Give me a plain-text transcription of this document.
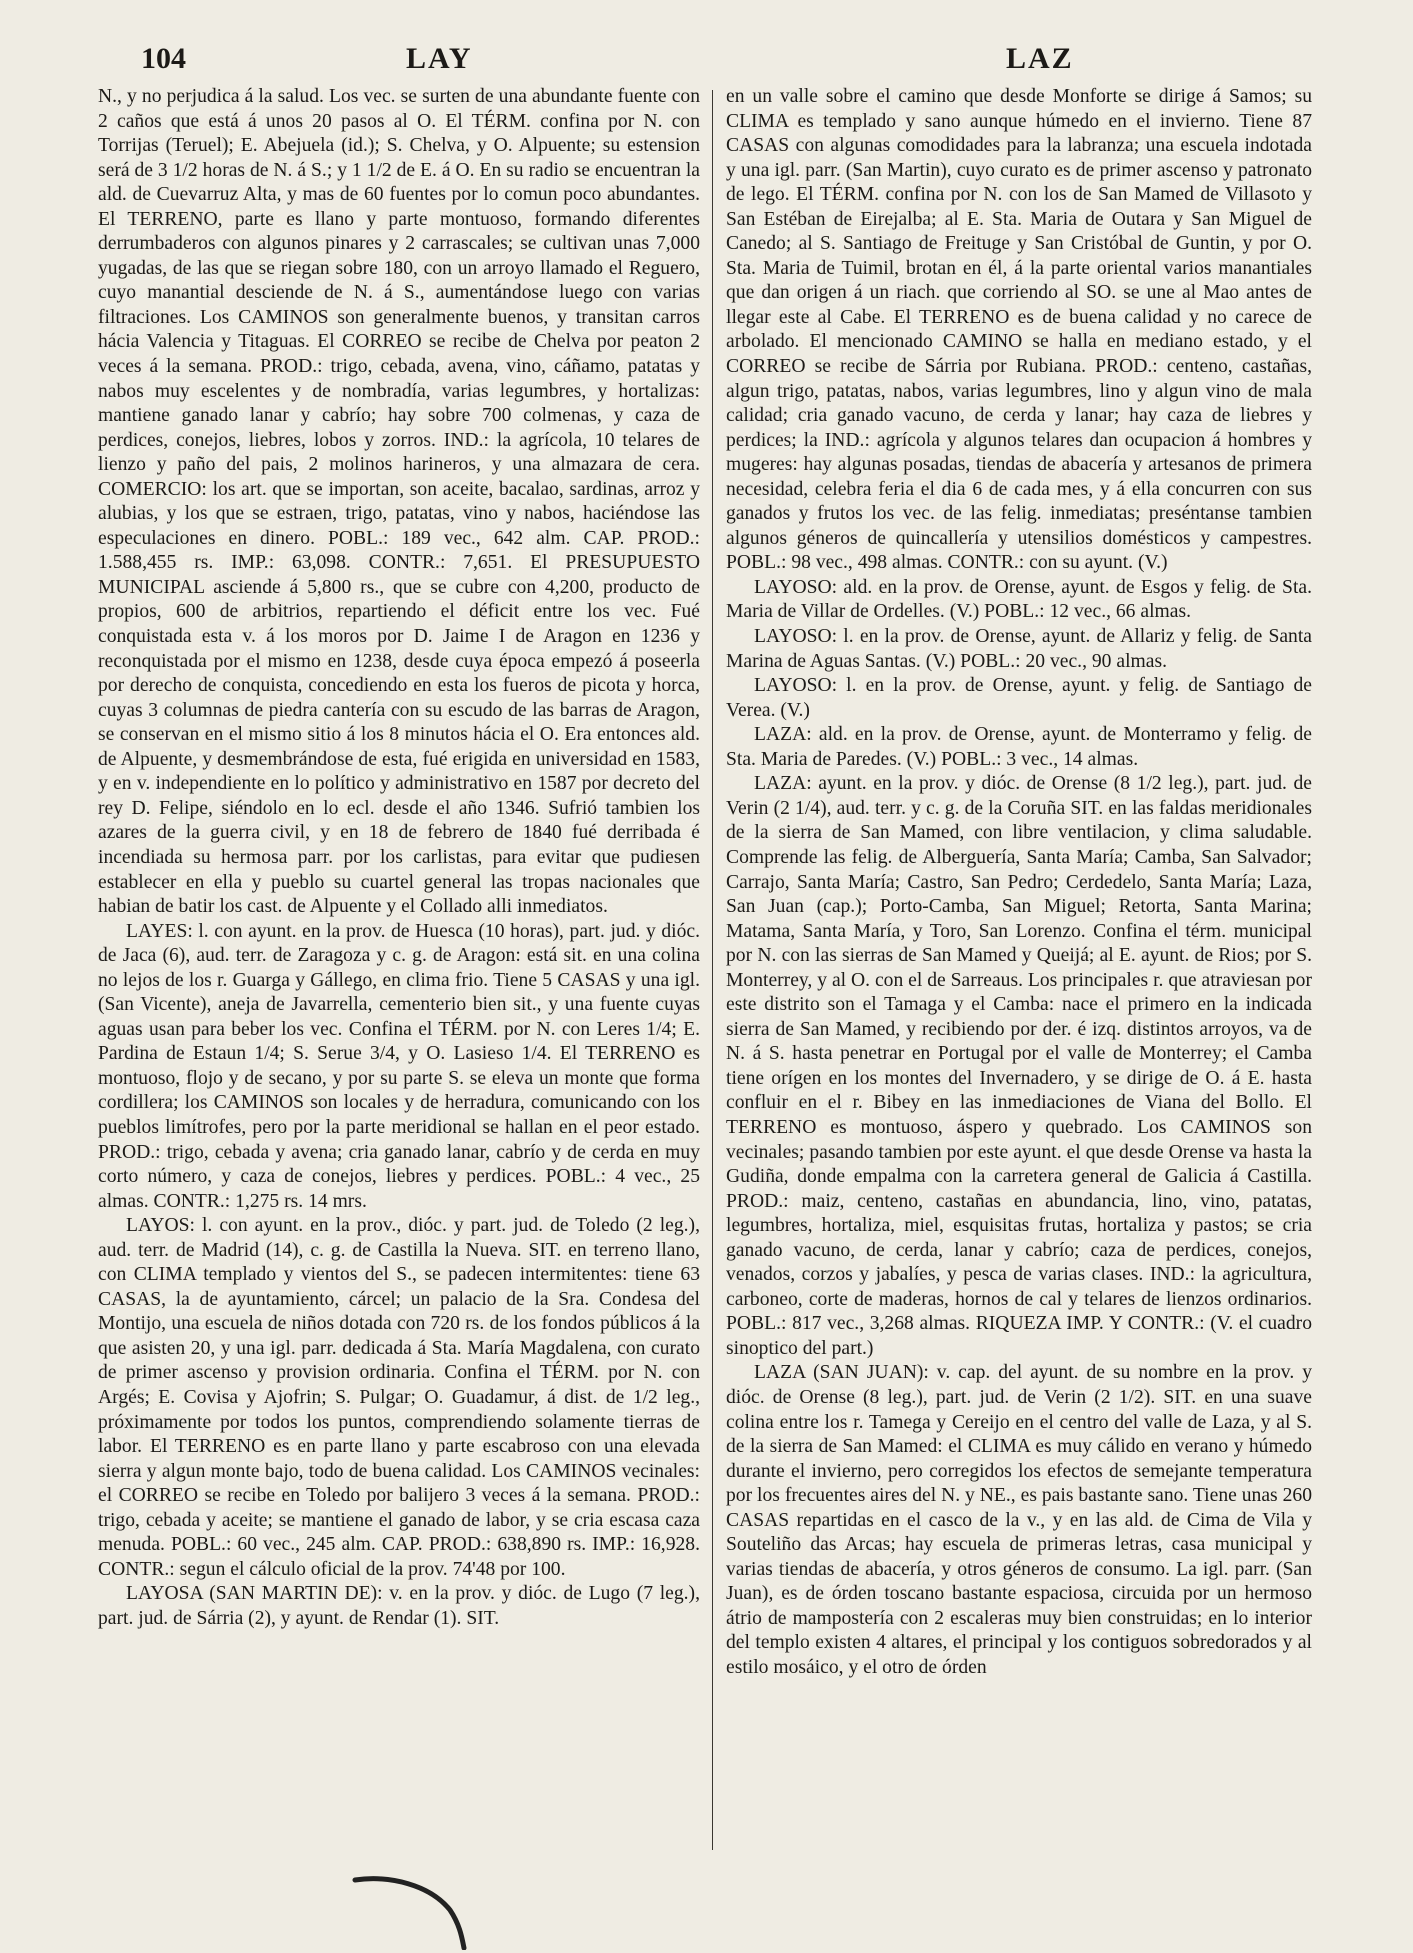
104	LAY	LAZ

N., y no perjudica á la salud. Los vec. se surten de una abundante fuente con 2 caños que está á unos 20 pasos al O. El TÉRM. confina por N. con Torrijas (Teruel); E. Abejuela (id.); S. Chelva, y O. Alpuente; su estension será de 3 1/2 horas de N. á S.; y 1 1/2 de E. á O. En su radio se encuentran la ald. de Cuevarruz Alta, y mas de 60 fuentes por lo comun poco abundantes. El TERRENO, parte es llano y parte montuoso, formando diferentes derrumbaderos con algunos pinares y 2 carrascales; se cultivan unas 7,000 yugadas, de las que se riegan sobre 180, con un arroyo llamado el Reguero, cuyo manantial desciende de N. á S., aumentándose luego con varias filtraciones. Los CAMINOS son generalmente buenos, y transitan carros hácia Valencia y Titaguas. El CORREO se recibe de Chelva por peaton 2 veces á la semana. PROD.: trigo, cebada, avena, vino, cáñamo, patatas y nabos muy escelentes y de nombradía, varias legumbres, y hortalizas: mantiene ganado lanar y cabrío; hay sobre 700 colmenas, y caza de perdices, conejos, liebres, lobos y zorros. IND.: la agrícola, 10 telares de lienzo y paño del pais, 2 molinos harineros, y una almazara de cera. COMERCIO: los art. que se importan, son aceite, bacalao, sardinas, arroz y alubias, y los que se estraen, trigo, patatas, vino y nabos, haciéndose las especulaciones en dinero. POBL.: 189 vec., 642 alm. CAP. PROD.: 1.588,455 rs. IMP.: 63,098. CONTR.: 7,651. El PRESUPUESTO MUNICIPAL asciende á 5,800 rs., que se cubre con 4,200, producto de propios, 600 de arbitrios, repartiendo el déficit entre los vec. Fué conquistada esta v. á los moros por D. Jaime I de Aragon en 1236 y reconquistada por el mismo en 1238, desde cuya época empezó á poseerla por derecho de conquista, concediendo en esta los fueros de picota y horca, cuyas 3 columnas de piedra cantería con su escudo de las barras de Aragon, se conservan en el mismo sitio á los 8 minutos hácia el O. Era entonces ald. de Alpuente, y desmembrándose de esta, fué erigida en universidad en 1583, y en v. independiente en lo político y administrativo en 1587 por decreto del rey D. Felipe, siéndolo en lo ecl. desde el año 1346. Sufrió tambien los azares de la guerra civil, y en 18 de febrero de 1840 fué derribada é incendiada su hermosa parr. por los carlistas, para evitar que pudiesen establecer en ella y pueblo su cuartel general las tropas nacionales que habian de batir los cast. de Alpuente y el Collado alli inmediatos.

LAYES: l. con ayunt. en la prov. de Huesca (10 horas), part. jud. y dióc. de Jaca (6), aud. terr. de Zaragoza y c. g. de Aragon: está sit. en una colina no lejos de los r. Guarga y Gállego, en clima frio. Tiene 5 CASAS y una igl. (San Vicente), aneja de Javarrella, cementerio bien sit., y una fuente cuyas aguas usan para beber los vec. Confina el TÉRM. por N. con Leres 1/4; E. Pardina de Estaun 1/4; S. Serue 3/4, y O. Lasieso 1/4. El TERRENO es montuoso, flojo y de secano, y por su parte S. se eleva un monte que forma cordillera; los CAMINOS son locales y de herradura, comunicando con los pueblos limítrofes, pero por la parte meridional se hallan en el peor estado. PROD.: trigo, cebada y avena; cria ganado lanar, cabrío y de cerda en muy corto número, y caza de conejos, liebres y perdices. POBL.: 4 vec., 25 almas. CONTR.: 1,275 rs. 14 mrs.

LAYOS: l. con ayunt. en la prov., dióc. y part. jud. de Toledo (2 leg.), aud. terr. de Madrid (14), c. g. de Castilla la Nueva. SIT. en terreno llano, con CLIMA templado y vientos del S., se padecen intermitentes: tiene 63 CASAS, la de ayuntamiento, cárcel; un palacio de la Sra. Condesa del Montijo, una escuela de niños dotada con 720 rs. de los fondos públicos á la que asisten 20, y una igl. parr. dedicada á Sta. María Magdalena, con curato de primer ascenso y provision ordinaria. Confina el TÉRM. por N. con Argés; E. Covisa y Ajofrin; S. Pulgar; O. Guadamur, á dist. de 1/2 leg., próximamente por todos los puntos, comprendiendo solamente tierras de labor. El TERRENO es en parte llano y parte escabroso con una elevada sierra y algun monte bajo, todo de buena calidad. Los CAMINOS vecinales: el CORREO se recibe en Toledo por balijero 3 veces á la semana. PROD.: trigo, cebada y aceite; se mantiene el ganado de labor, y se cria escasa caza menuda. POBL.: 60 vec., 245 alm. CAP. PROD.: 638,890 rs. IMP.: 16,928. CONTR.: segun el cálculo oficial de la prov. 74'48 por 100.

LAYOSA (SAN MARTIN DE): v. en la prov. y dióc. de Lugo (7 leg.), part. jud. de Sárria (2), y ayunt. de Rendar (1). SIT.

en un valle sobre el camino que desde Monforte se dirige á Samos; su CLIMA es templado y sano aunque húmedo en el invierno. Tiene 87 CASAS con algunas comodidades para la labranza; una escuela indotada y una igl. parr. (San Martin), cuyo curato es de primer ascenso y patronato de lego. El TÉRM. confina por N. con los de San Mamed de Villasoto y San Estéban de Eirejalba; al E. Sta. Maria de Outara y San Miguel de Canedo; al S. Santiago de Freituge y San Cristóbal de Guntin, y por O. Sta. Maria de Tuimil, brotan en él, á la parte oriental varios manantiales que dan origen á un riach. que corriendo al SO. se une al Mao antes de llegar este al Cabe. El TERRENO es de buena calidad y no carece de arbolado. El mencionado CAMINO se halla en mediano estado, y el CORREO se recibe de Sárria por Rubiana. PROD.: centeno, castañas, algun trigo, patatas, nabos, varias legumbres, lino y algun vino de mala calidad; cria ganado vacuno, de cerda y lanar; hay caza de liebres y perdices; la IND.: agrícola y algunos telares dan ocupacion á hombres y mugeres: hay algunas posadas, tiendas de abacería y artesanos de primera necesidad, celebra feria el dia 6 de cada mes, y á ella concurren con sus ganados y frutos los vec. de las felig. inmediatas; preséntanse tambien algunos géneros de quincallería y utensilios domésticos y campestres. POBL.: 98 vec., 498 almas. CONTR.: con su ayunt. (V.)

LAYOSO: ald. en la prov. de Orense, ayunt. de Esgos y felig. de Sta. Maria de Villar de Ordelles. (V.) POBL.: 12 vec., 66 almas.

LAYOSO: l. en la prov. de Orense, ayunt. de Allariz y felig. de Santa Marina de Aguas Santas. (V.) POBL.: 20 vec., 90 almas.

LAYOSO: l. en la prov. de Orense, ayunt. y felig. de Santiago de Verea. (V.)

LAZA: ald. en la prov. de Orense, ayunt. de Monterramo y felig. de Sta. Maria de Paredes. (V.) POBL.: 3 vec., 14 almas.

LAZA: ayunt. en la prov. y dióc. de Orense (8 1/2 leg.), part. jud. de Verin (2 1/4), aud. terr. y c. g. de la Coruña SIT. en las faldas meridionales de la sierra de San Mamed, con libre ventilacion, y clima saludable. Comprende las felig. de Alberguería, Santa María; Camba, San Salvador; Carrajo, Santa María; Castro, San Pedro; Cerdedelo, Santa María; Laza, San Juan (cap.); Porto-Camba, San Miguel; Retorta, Santa Marina; Matama, Santa María, y Toro, San Lorenzo. Confina el térm. municipal por N. con las sierras de San Mamed y Queijá; al E. ayunt. de Rios; por S. Monterrey, y al O. con el de Sarreaus. Los principales r. que atraviesan por este distrito son el Tamaga y el Camba: nace el primero en la indicada sierra de San Mamed, y recibiendo por der. é izq. distintos arroyos, va de N. á S. hasta penetrar en Portugal por el valle de Monterrey; el Camba tiene orígen en los montes del Invernadero, y se dirige de O. á E. hasta confluir en el r. Bibey en las inmediaciones de Viana del Bollo. El TERRENO es montuoso, áspero y quebrado. Los CAMINOS son vecinales; pasando tambien por este ayunt. el que desde Orense va hasta la Gudiña, donde empalma con la carretera general de Galicia á Castilla. PROD.: maiz, centeno, castañas en abundancia, lino, vino, patatas, legumbres, hortaliza, miel, esquisitas frutas, hortaliza y pastos; se cria ganado vacuno, de cerda, lanar y cabrío; caza de perdices, conejos, venados, corzos y jabalíes, y pesca de varias clases. IND.: la agricultura, carboneo, corte de maderas, hornos de cal y telares de lienzos ordinarios. POBL.: 817 vec., 3,268 almas. RIQUEZA IMP. Y CONTR.: (V. el cuadro sinoptico del part.)

LAZA (SAN JUAN): v. cap. del ayunt. de su nombre en la prov. y dióc. de Orense (8 leg.), part. jud. de Verin (2 1/2). SIT. en una suave colina entre los r. Tamega y Cereijo en el centro del valle de Laza, y al S. de la sierra de San Mamed: el CLIMA es muy cálido en verano y húmedo durante el invierno, pero corregidos los efectos de semejante temperatura por los frecuentes aires del N. y NE., es pais bastante sano. Tiene unas 260 CASAS repartidas en el casco de la v., y en las ald. de Cima de Vila y Souteliño das Arcas; hay escuela de primeras letras, casa municipal y varias tiendas de abacería, y otros géneros de consumo. La igl. parr. (San Juan), es de órden toscano bastante espaciosa, circuida por un hermoso átrio de mampostería con 2 escaleras muy bien construidas; en lo interior del templo existen 4 altares, el principal y los contiguos sobredorados y al estilo mosáico, y el otro de órden
